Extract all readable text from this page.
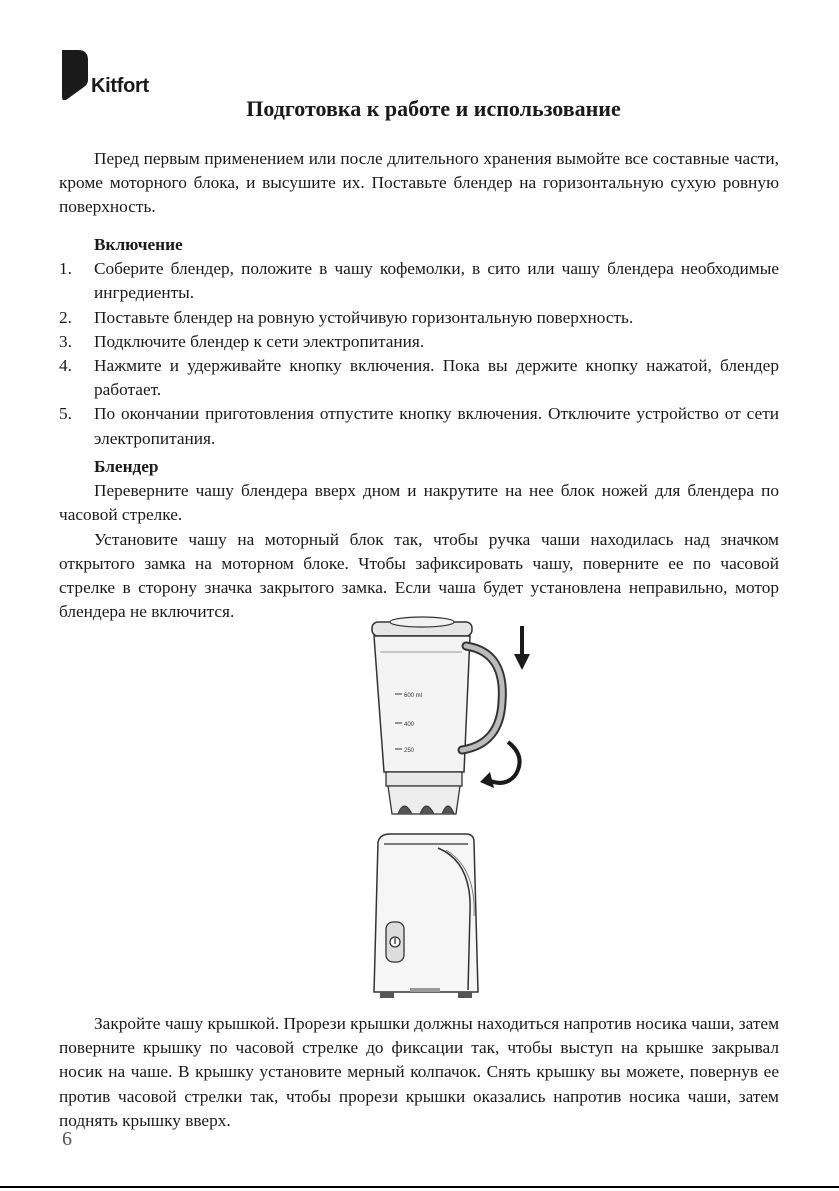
Kitfort
Подготовка к работе и использование

Перед первым применением или после длительного хранения вымойте все составные части, кроме моторного блока, и высушите их. Поставьте блендер на горизонтальную сухую ровную поверхность.

Включение
1. Соберите блендер, положите в чашу кофемолки, в сито или чашу блендера необходимые ингредиенты.
2. Поставьте блендер на ровную устойчивую горизонтальную поверхность.
3. Подключите блендер к сети электропитания.
4. Нажмите и удерживайте кнопку включения. Пока вы держите кнопку нажатой, блендер работает.
5. По окончании приготовления отпустите кнопку включения. Отключите устройство от сети электропитания.
Блендер

Переверните чашу блендера вверх дном и накрутите на нее блок ножей для блендера по часовой стрелке.

Установите чашу на моторный блок так, чтобы ручка чаши находилась над значком открытого замка на моторном блоке. Чтобы зафиксировать чашу, поверните ее по часовой стрелке в сторону значка закрытого замка. Если чаша будет установлена неправильно, мотор блендера не включится.

600 ml
400
250

Закройте чашу крышкой. Прорези крышки должны находиться напротив носика чаши, затем поверните крышку по часовой стрелке до фиксации так, чтобы выступ на крышке закрывал носик на чаше. В крышку установите мерный колпачок. Снять крышку вы можете, повернув ее против часовой стрелки так, чтобы прорези крышки оказались напротив носика чаши, затем поднять крышку вверх.

6
